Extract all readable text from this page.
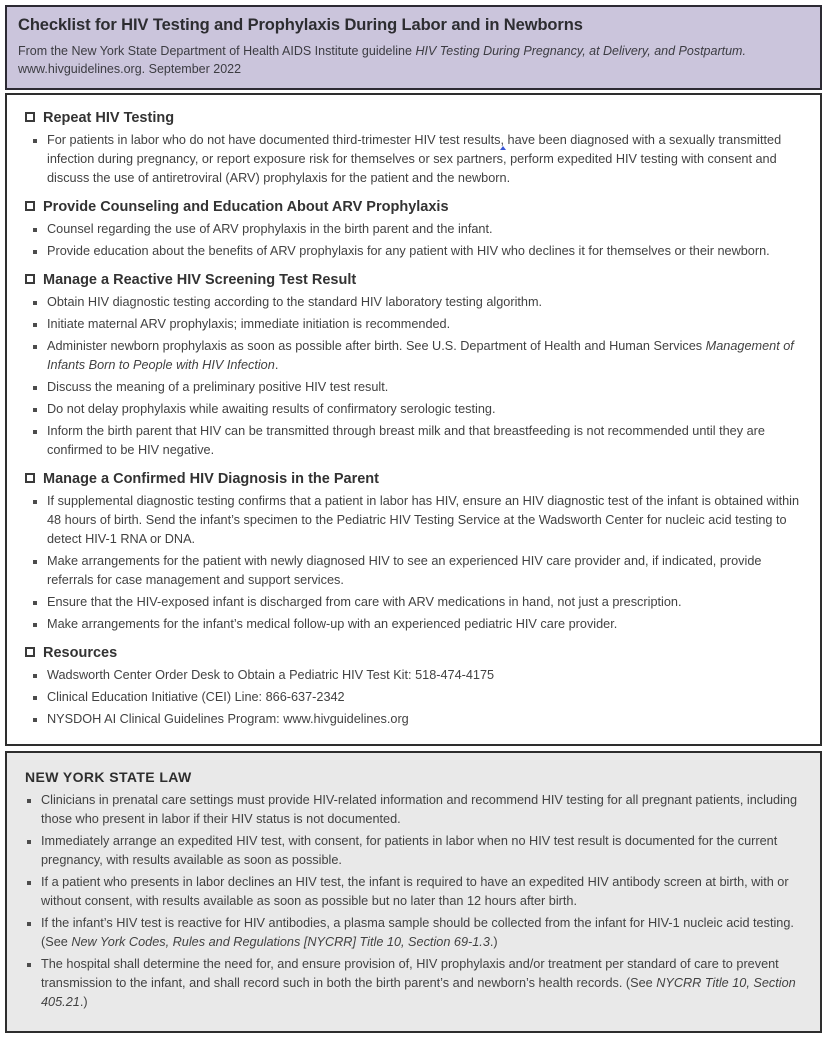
Checklist for HIV Testing and Prophylaxis During Labor and in Newborns
From the New York State Department of Health AIDS Institute guideline HIV Testing During Pregnancy, at Delivery, and Postpartum.
www.hivguidelines.org. September 2022
Repeat HIV Testing
For patients in labor who do not have documented third-trimester HIV test results, have been diagnosed with a sexually transmitted infection during pregnancy, or report exposure risk for themselves or sex partners, perform expedited HIV testing with consent and discuss the use of antiretroviral (ARV) prophylaxis for the patient and the newborn.
Provide Counseling and Education About ARV Prophylaxis
Counsel regarding the use of ARV prophylaxis in the birth parent and the infant.
Provide education about the benefits of ARV prophylaxis for any patient with HIV who declines it for themselves or their newborn.
Manage a Reactive HIV Screening Test Result
Obtain HIV diagnostic testing according to the standard HIV laboratory testing algorithm.
Initiate maternal ARV prophylaxis; immediate initiation is recommended.
Administer newborn prophylaxis as soon as possible after birth. See U.S. Department of Health and Human Services Management of Infants Born to People with HIV Infection.
Discuss the meaning of a preliminary positive HIV test result.
Do not delay prophylaxis while awaiting results of confirmatory serologic testing.
Inform the birth parent that HIV can be transmitted through breast milk and that breastfeeding is not recommended until they are confirmed to be HIV negative.
Manage a Confirmed HIV Diagnosis in the Parent
If supplemental diagnostic testing confirms that a patient in labor has HIV, ensure an HIV diagnostic test of the infant is obtained within 48 hours of birth. Send the infant’s specimen to the Pediatric HIV Testing Service at the Wadsworth Center for nucleic acid testing to detect HIV-1 RNA or DNA.
Make arrangements for the patient with newly diagnosed HIV to see an experienced HIV care provider and, if indicated, provide referrals for case management and support services.
Ensure that the HIV-exposed infant is discharged from care with ARV medications in hand, not just a prescription.
Make arrangements for the infant’s medical follow-up with an experienced pediatric HIV care provider.
Resources
Wadsworth Center Order Desk to Obtain a Pediatric HIV Test Kit: 518-474-4175
Clinical Education Initiative (CEI) Line: 866-637-2342
NYSDOH AI Clinical Guidelines Program: www.hivguidelines.org
NEW YORK STATE LAW
Clinicians in prenatal care settings must provide HIV-related information and recommend HIV testing for all pregnant patients, including those who present in labor if their HIV status is not documented.
Immediately arrange an expedited HIV test, with consent, for patients in labor when no HIV test result is documented for the current pregnancy, with results available as soon as possible.
If a patient who presents in labor declines an HIV test, the infant is required to have an expedited HIV antibody screen at birth, with or without consent, with results available as soon as possible but no later than 12 hours after birth.
If the infant’s HIV test is reactive for HIV antibodies, a plasma sample should be collected from the infant for HIV-1 nucleic acid testing. (See New York Codes, Rules and Regulations [NYCRR] Title 10, Section 69-1.3.)
The hospital shall determine the need for, and ensure provision of, HIV prophylaxis and/or treatment per standard of care to prevent transmission to the infant, and shall record such in both the birth parent’s and newborn’s health records. (See NYCRR Title 10, Section 405.21.)
